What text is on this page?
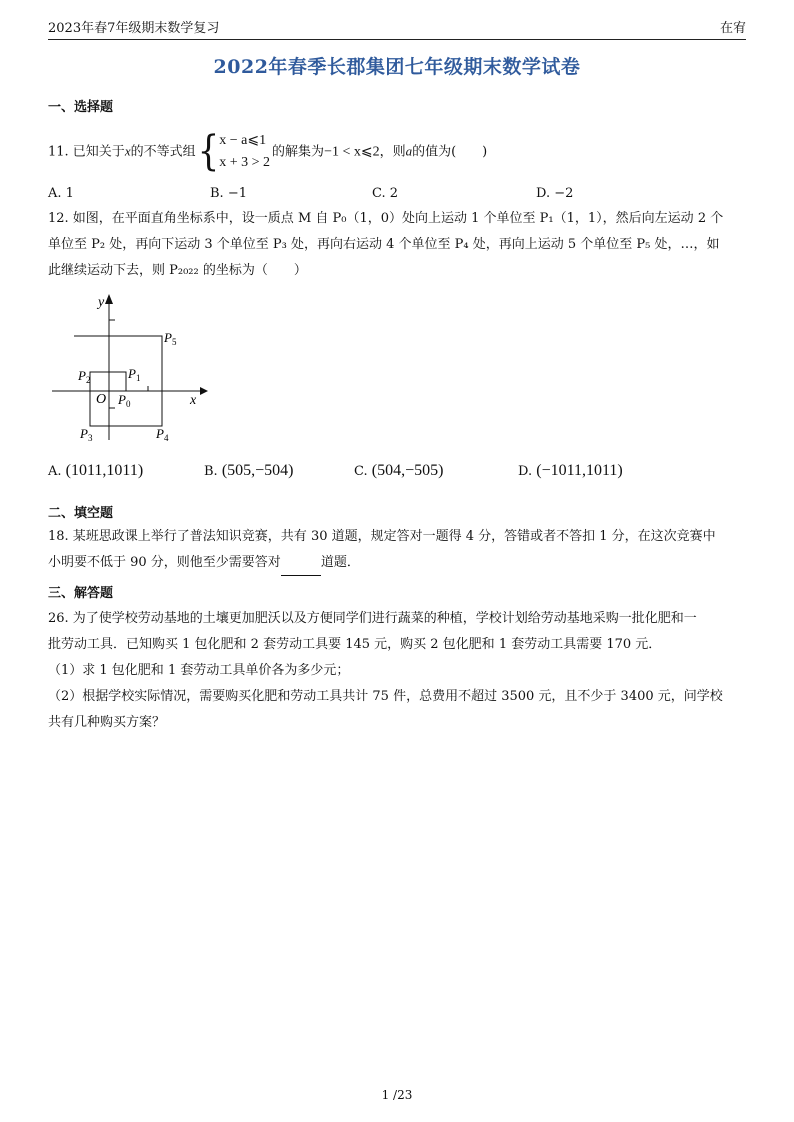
2023年春7年级期末数学复习	在宥
2022年春季长郡集团七年级期末数学试卷
一、选择题
11. 已知关于x的不等式组{ x − a⩽1
x + 3 > 2
的解集为−1 < x⩽2，则a的值为(　　)
A. 1	B. −1	C. 2	D. −2
12. 如图，在平面直角坐标系中，设一质点 M 自 P₀（1，0）处向上运动 1 个单位至 P₁（1，1），然后向左运动 2 个
单位至 P₂ 处，再向下运动 3 个单位至 P₃ 处，再向右运动 4 个单位至 P₄ 处，再向上运动 5 个单位至 P₅ 处，…，如
此继续运动下去，则 P₂₀₂₂ 的坐标为（　　）
y
x
O P 0
P 1
P 2
P 3	P 4
P 5
A. (1011,1011)	B. (505,−504)	C. (504,−505)	D. (−1011,1011)
二、填空题
18. 某班思政课上举行了普法知识竞赛，共有 30 道题，规定答对一题得 4 分，答错或者不答扣 1 分，在这次竞赛中
小明要不低于 90 分，则他至少需要答对	道题．
三、解答题
26. 为了使学校劳动基地的土壤更加肥沃以及方便同学们进行蔬菜的种植，学校计划给劳动基地采购一批化肥和一
批劳动工具．已知购买 1 包化肥和 2 套劳动工具要 145 元，购买 2 包化肥和 1 套劳动工具需要 170 元．
（1）求 1 包化肥和 1 套劳动工具单价各为多少元；
（2）根据学校实际情况，需要购买化肥和劳动工具共计 75 件，总费用不超过 3500 元，且不少于 3400 元，问学校
共有几种购买方案？
1 /23
